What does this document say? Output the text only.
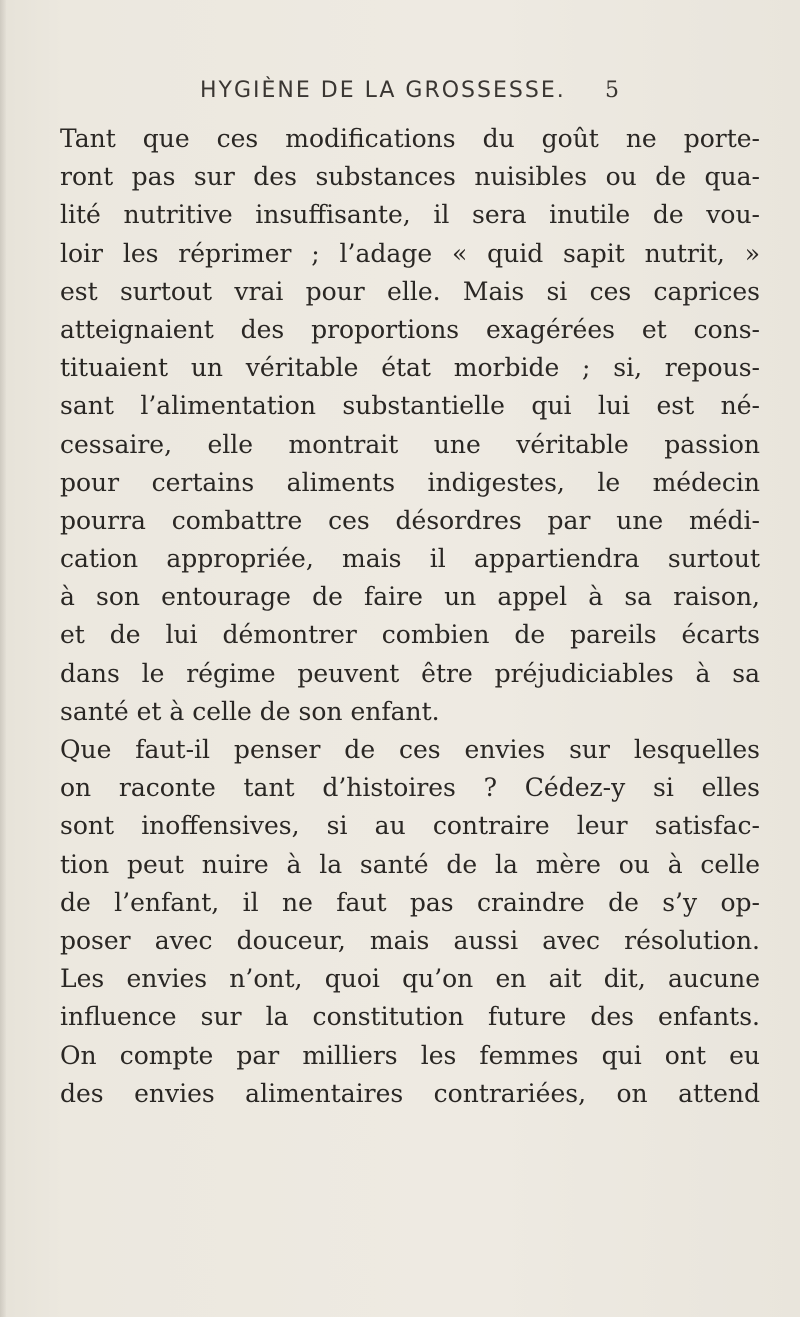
HYGIÈNE DE LA GROSSESSE. 5
Tant que ces modifications du goût ne porte-
ront pas sur des substances nuisibles ou de qua-
lité nutritive insuffisante, il sera inutile de vou-
loir les réprimer ; l’adage « quid sapit nutrit, »
est surtout vrai pour elle. Mais si ces caprices
atteignaient des proportions exagérées et cons-
tituaient un véritable état morbide ; si, repous-
sant l’alimentation substantielle qui lui est né-
cessaire, elle montrait une véritable passion
pour certains aliments indigestes, le médecin
pourra combattre ces désordres par une médi-
cation appropriée, mais il appartiendra surtout
à son entourage de faire un appel à sa raison,
et de lui démontrer combien de pareils écarts
dans le régime peuvent être préjudiciables à sa
santé et à celle de son enfant.
Que faut-il penser de ces envies sur lesquelles
on raconte tant d’histoires ? Cédez-y si elles
sont inoffensives, si au contraire leur satisfac-
tion peut nuire à la santé de la mère ou à celle
de l’enfant, il ne faut pas craindre de s’y op-
poser avec douceur, mais aussi avec résolution.
Les envies n’ont, quoi qu’on en ait dit, aucune
influence sur la constitution future des enfants.
On compte par milliers les femmes qui ont eu
des envies alimentaires contrariées, on attend
